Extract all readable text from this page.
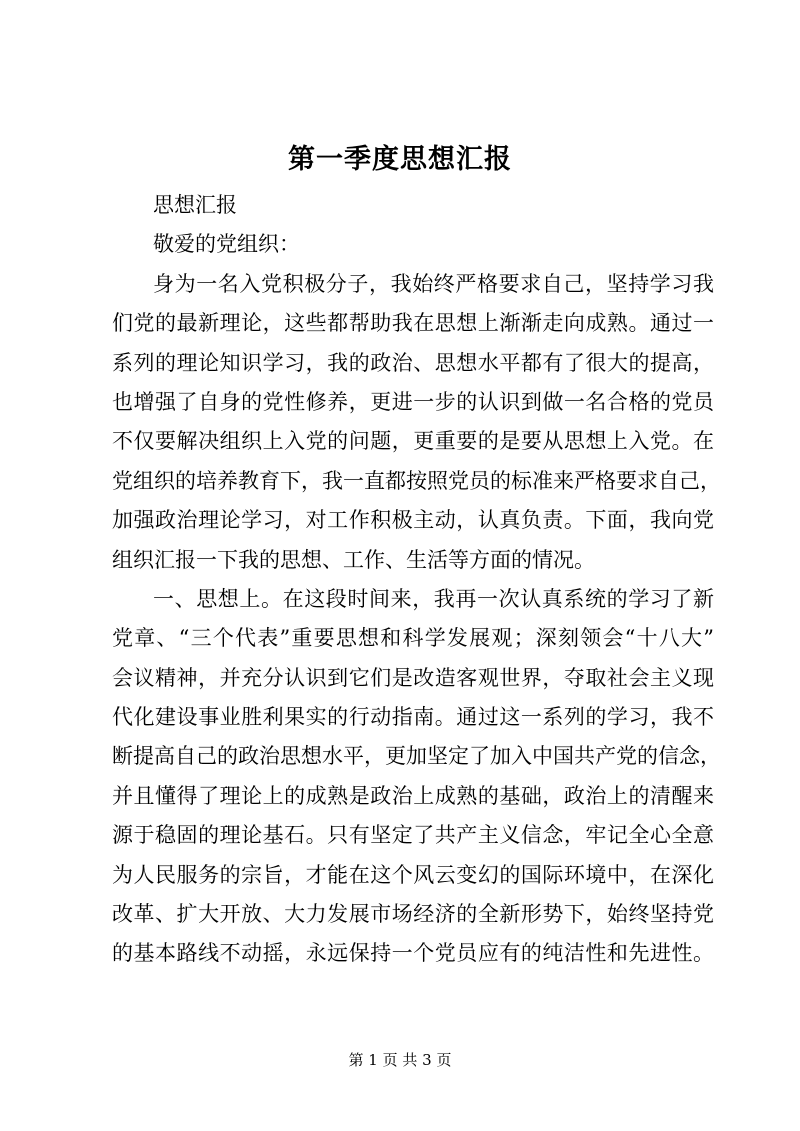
第一季度思想汇报
思想汇报
敬爱的党组织：
身为一名入党积极分子，我始终严格要求自己，坚持学习我
们党的最新理论，这些都帮助我在思想上渐渐走向成熟。通过一
系列的理论知识学习，我的政治、思想水平都有了很大的提高，
也增强了自身的党性修养，更进一步的认识到做一名合格的党员
不仅要解决组织上入党的问题，更重要的是要从思想上入党。在
党组织的培养教育下，我一直都按照党员的标准来严格要求自己，
加强政治理论学习，对工作积极主动，认真负责。下面，我向党
组织汇报一下我的思想、工作、生活等方面的情况。
一、思想上。在这段时间来，我再一次认真系统的学习了新
党章、“三个代表”重要思想和科学发展观；深刻领会“十八大”
会议精神，并充分认识到它们是改造客观世界，夺取社会主义现
代化建设事业胜利果实的行动指南。通过这一系列的学习，我不
断提高自己的政治思想水平，更加坚定了加入中国共产党的信念，
并且懂得了理论上的成熟是政治上成熟的基础，政治上的清醒来
源于稳固的理论基石。只有坚定了共产主义信念，牢记全心全意
为人民服务的宗旨，才能在这个风云变幻的国际环境中，在深化
改革、扩大开放、大力发展市场经济的全新形势下，始终坚持党
的基本路线不动摇，永远保持一个党员应有的纯洁性和先进性。
第 1 页 共 3 页
